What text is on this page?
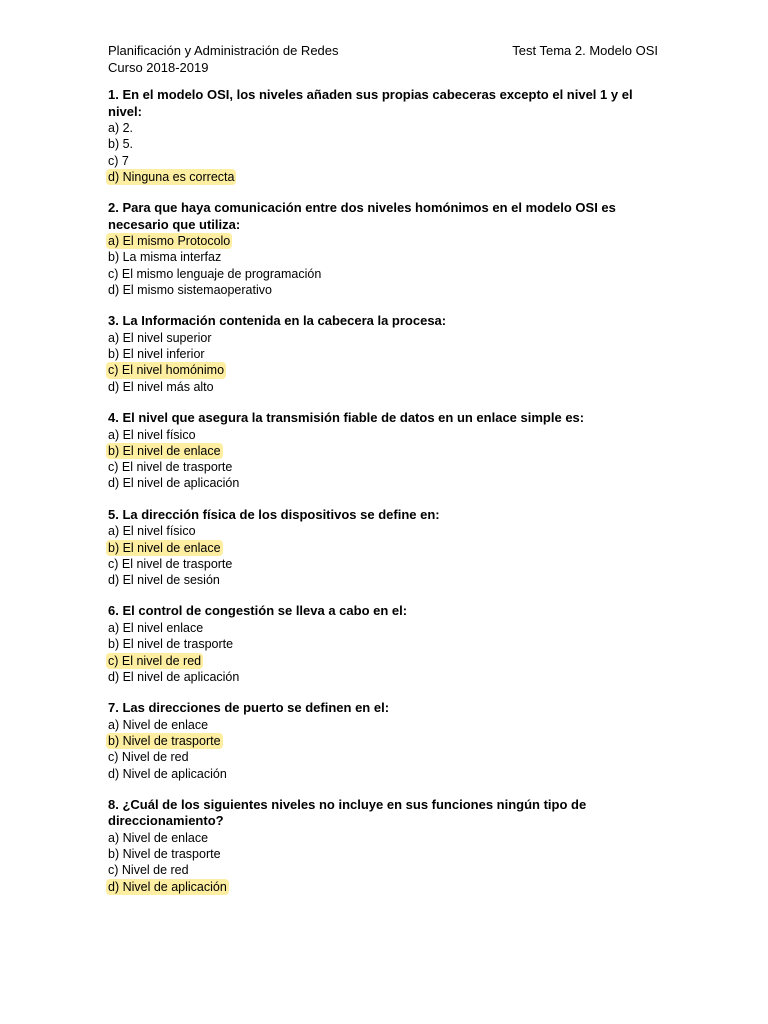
Planificación y Administración de Redes
Curso 2018-2019
Test Tema 2. Modelo OSI
1. En el modelo OSI, los niveles añaden sus propias cabeceras excepto el nivel 1 y el nivel:
a) 2.
b) 5.
c) 7
d) Ninguna es correcta
2. Para que haya comunicación entre dos niveles homónimos en el modelo OSI es necesario que utiliza:
a) El mismo Protocolo
b) La misma interfaz
c) El mismo lenguaje de programación
d) El mismo sistemaoperativo
3. La Información contenida en la cabecera la procesa:
a) El nivel superior
b) El nivel inferior
c) El nivel homónimo
d) El nivel más alto
4. El nivel que asegura la transmisión fiable de datos en un enlace simple es:
a) El nivel físico
b) El nivel de enlace
c) El nivel de trasporte
d) El nivel de aplicación
5. La dirección física de los dispositivos se define en:
a) El nivel físico
b) El nivel de enlace
c) El nivel de trasporte
d) El nivel de sesión
6. El control de congestión se lleva a cabo en el:
a) El nivel enlace
b) El nivel de trasporte
c) El nivel de red
d) El nivel de aplicación
7. Las direcciones de puerto se definen en el:
a) Nivel de enlace
b) Nivel de trasporte
c) Nivel de red
d) Nivel de aplicación
8. ¿Cuál de los siguientes niveles no incluye en sus funciones ningún tipo de direccionamiento?
a) Nivel de enlace
b) Nivel de trasporte
c) Nivel de red
d) Nivel de aplicación
